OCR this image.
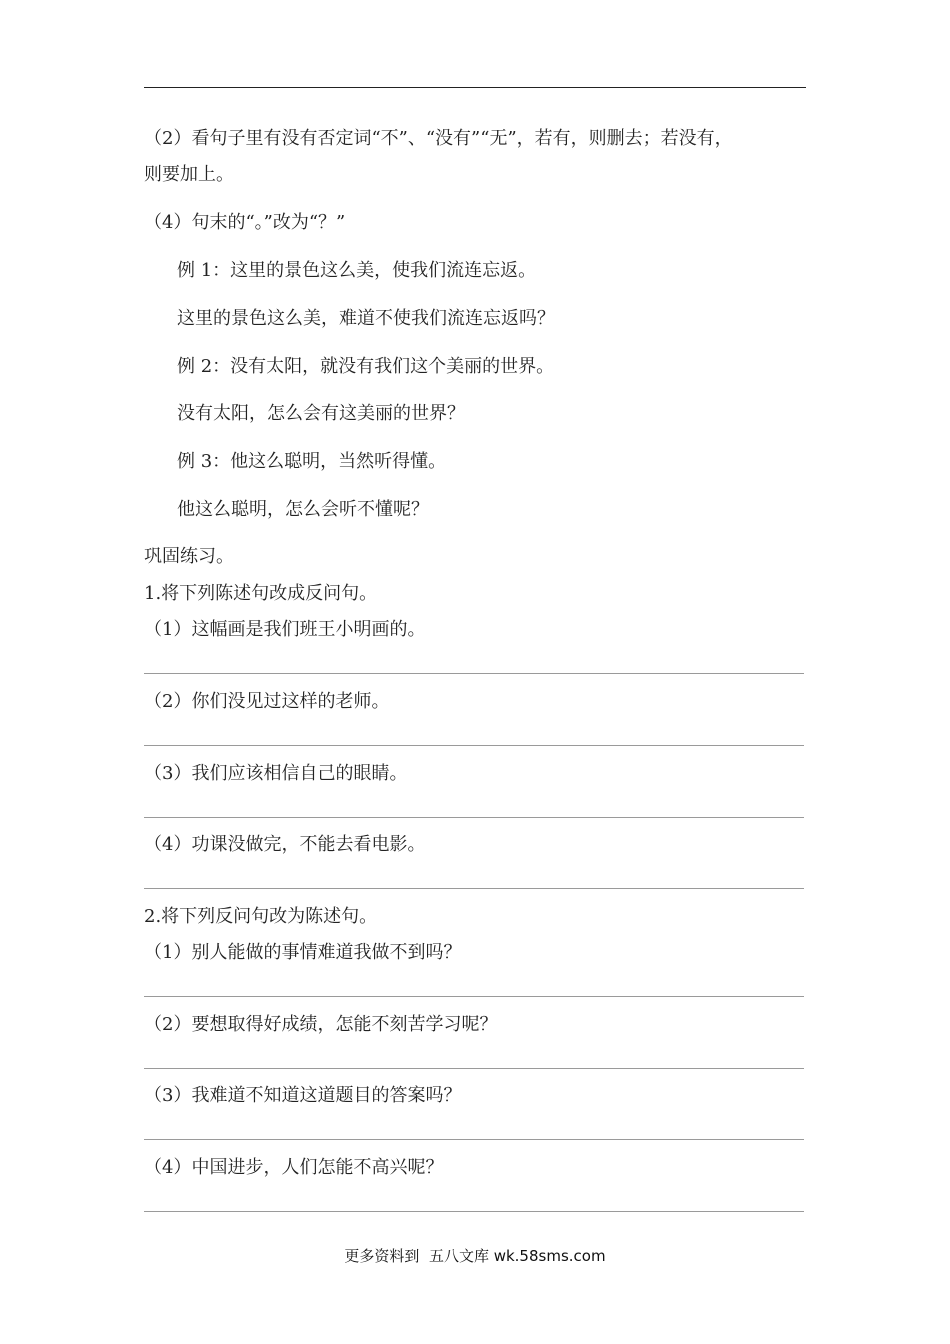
（2）看句子里有没有否定词“不”、“没有”“无”，若有，则删去；若没有，
则要加上。
（4）句末的“。”改为“？”
例 1：这里的景色这么美，使我们流连忘返。
这里的景色这么美，难道不使我们流连忘返吗？
例 2：没有太阳，就没有我们这个美丽的世界。
没有太阳，怎么会有这美丽的世界？
例 3：他这么聪明，当然听得懂。
他这么聪明，怎么会听不懂呢？
巩固练习。
1.将下列陈述句改成反问句。
（1）这幅画是我们班王小明画的。
（2）你们没见过这样的老师。
（3）我们应该相信自己的眼睛。
（4）功课没做完，不能去看电影。
2.将下列反问句改为陈述句。
（1）别人能做的事情难道我做不到吗？
（2）要想取得好成绩，怎能不刻苦学习呢？
（3）我难道不知道这道题目的答案吗？
（4）中国进步，人们怎能不高兴呢？
更多资料到  五八文库 wk.58sms.com
